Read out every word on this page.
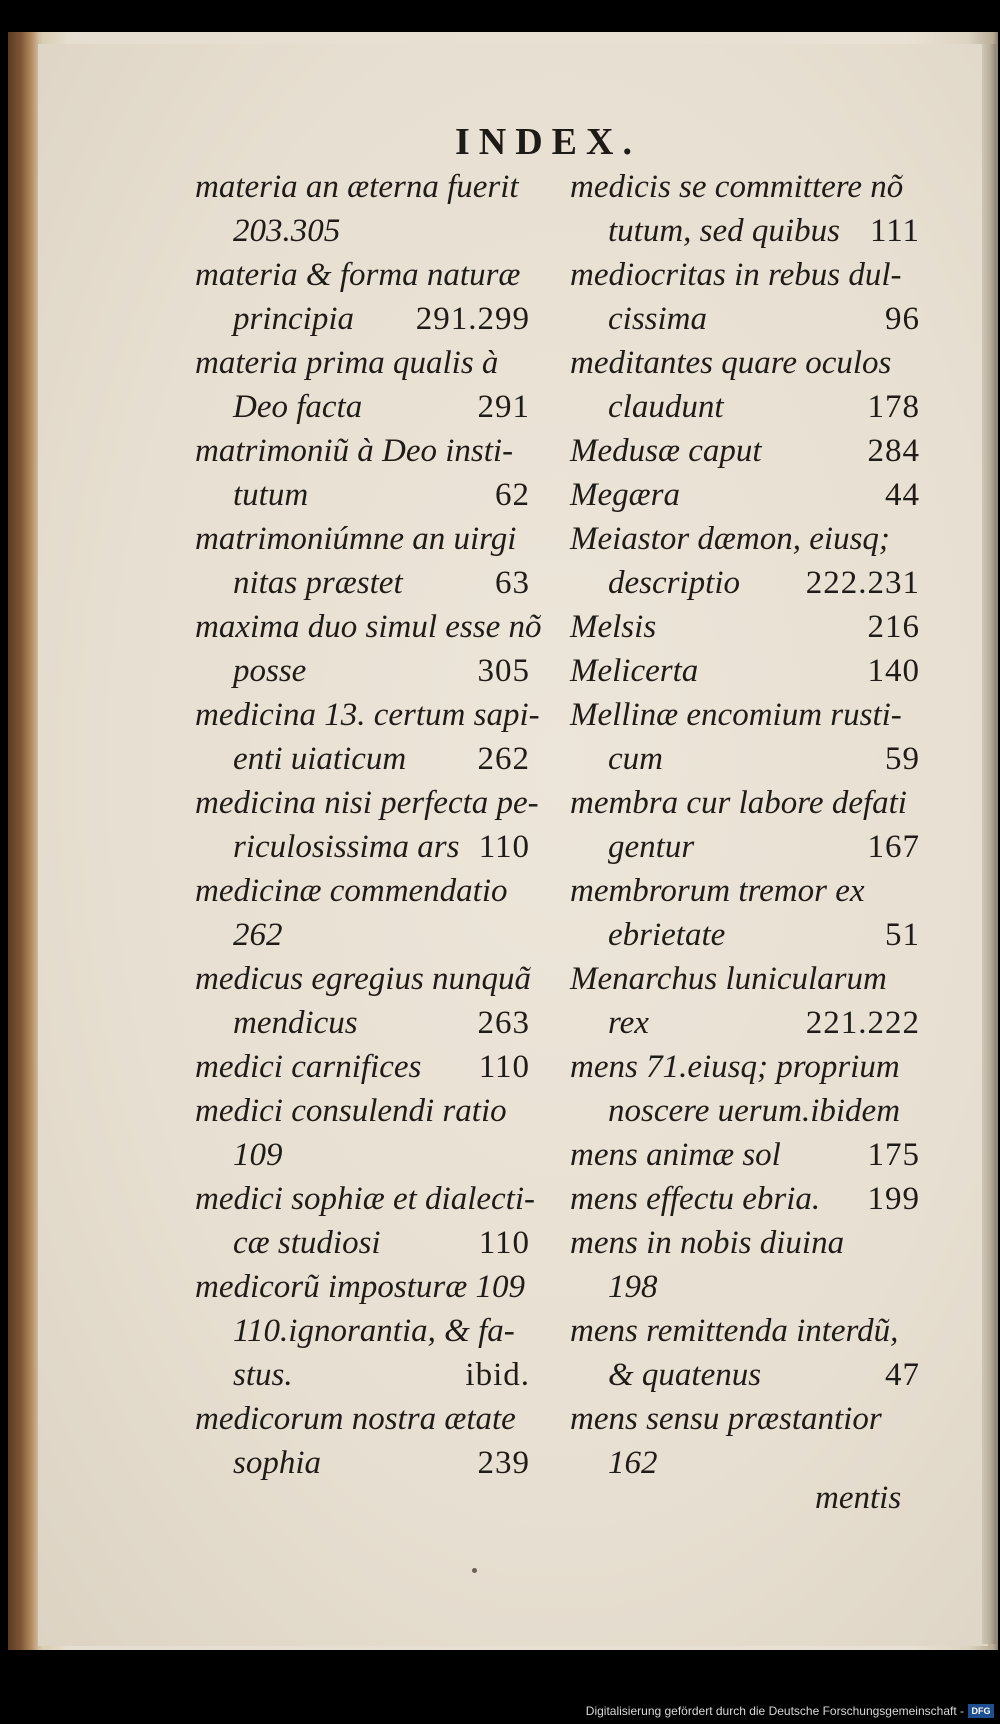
INDEX.
materia an æterna fuerit
203.305
materia & forma naturæ
principia 291.299
materia prima qualis à
Deo facta	291
matrimoniũ à Deo insti-
tutum	62
matrimoniúmne an uirgi
nitas præstet	63
maxima duo simul esse nõ
posse	305
medicina 13. certum sapi-
enti uiaticum 262
medicina nisi perfecta pe-
riculosissima ars 110
medicinæ commendatio
262
medicus egregius nunquã
mendicus	263
medici carnifices 110
medici consulendi ratio
109
medici sophiæ et dialecti-
cæ studiosi	110
medicorũ imposturæ 109
110.ignorantia, & fa-
stus.	ibid.
medicorum nostra ætate
sophia	239
medicis se committere nõ
tutum, sed quibus 111
mediocritas in rebus dul-
cissima	96
meditantes quare oculos
claudunt	178
Medusæ caput	284
Megæra	44
Meiastor dæmon, eiusq;
descriptio 222.231
Melsis	216
Melicerta	140
Mellinæ encomium rusti-
cum	59
membra cur labore defati
gentur	167
membrorum tremor ex
ebrietate	51
Menarchus lunicularum
rex	221.222
mens 71.eiusq; proprium
noscere uerum.ibidem
mens animæ sol	175
mens effectu ebria. 199
mens in nobis diuina
198
mens remittenda interdũ,
& quatenus	47
mens sensu præstantior
162
mentis
Digitalisierung gefördert durch die Deutsche Forschungsgemeinschaft - DFG
